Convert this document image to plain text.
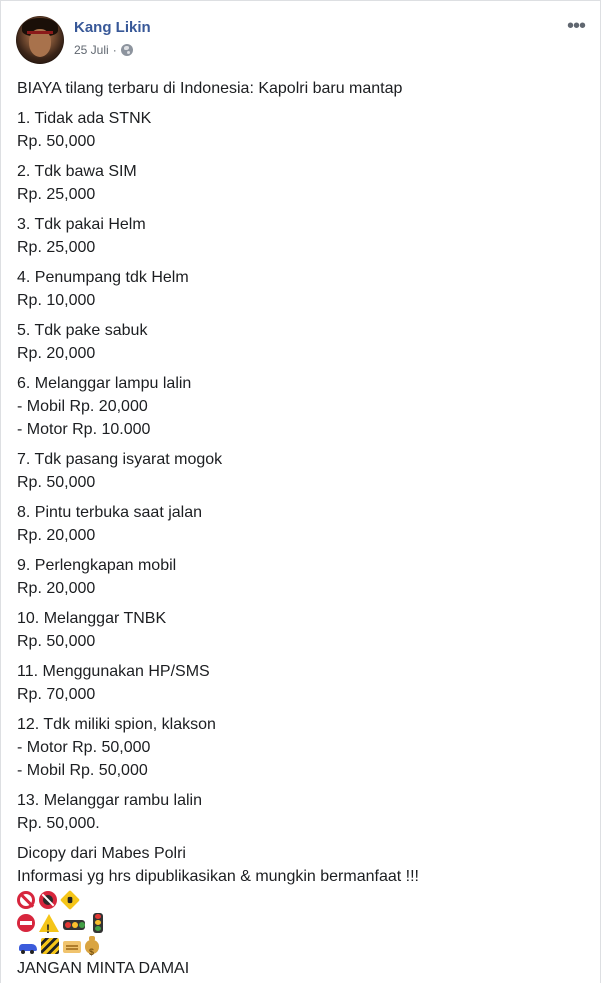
Kang Likin
25 Juli ·
•••

BIAYA tilang terbaru di Indonesia: Kapolri baru mantap

1. Tidak ada STNK
Rp. 50,000

2. Tdk bawa SIM
Rp. 25,000

3. Tdk pakai Helm
Rp. 25,000

4. Penumpang tdk Helm
Rp. 10,000

5. Tdk pake sabuk
Rp. 20,000

6. Melanggar lampu lalin
- Mobil Rp. 20,000
- Motor Rp. 10.000

7. Tdk pasang isyarat mogok
Rp. 50,000

8. Pintu terbuka saat jalan
Rp. 20,000

9. Perlengkapan mobil
Rp. 20,000

10. Melanggar TNBK
Rp. 50,000

11. Menggunakan HP/SMS
Rp. 70,000

12. Tdk miliki spion, klakson
- Motor Rp. 50,000
- Mobil Rp. 50,000

13. Melanggar rambu lalin
Rp. 50,000.

Dicopy dari Mabes Polri
Informasi yg hrs dipublikasikan & mungkin bermanfaat !!!

!
$

JANGAN MINTA DAMAI
